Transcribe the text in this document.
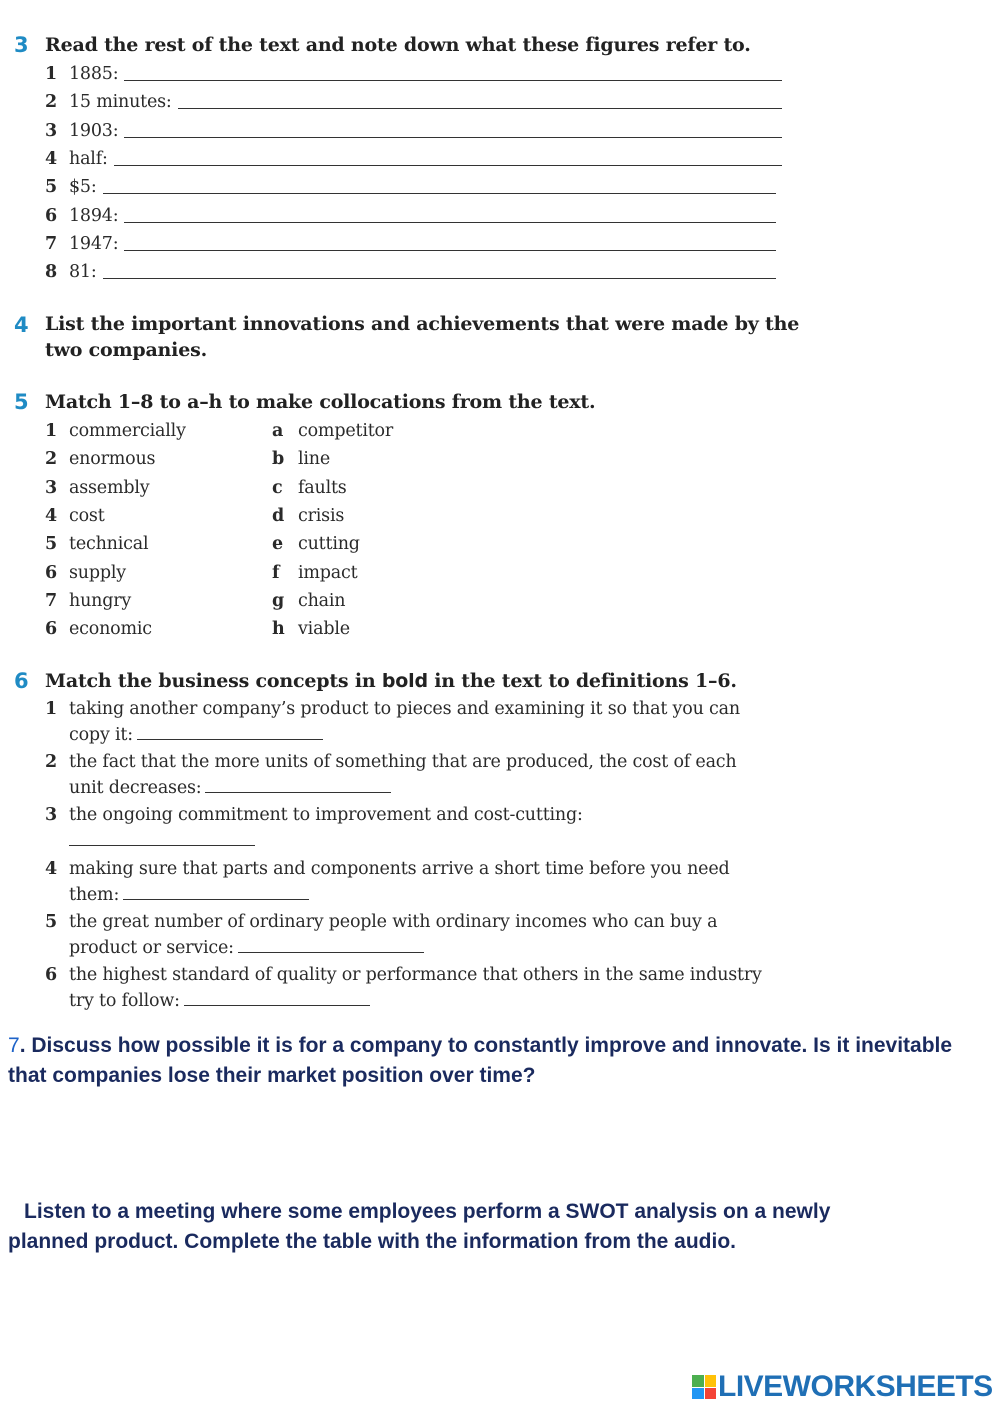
3 Read the rest of the text and note down what these figures refer to.
1 1885:
2 15 minutes:
3 1903:
4 half:
5 $5:
6 1894:
7 1947:
8 81:
4 List the important innovations and achievements that were made by the
two companies.
5 Match 1–8 to a–h to make collocations from the text.
1 commercially
2 enormous
3 assembly
4 cost
5 technical
6 supply
7 hungry
6 economic
a competitor
b line
c faults
d crisis
e cutting
f impact
g chain
h viable
6 Match the business concepts in bold in the text to definitions 1–6.
1 taking another company’s product to pieces and examining it so that you can
copy it:
2 the fact that the more units of something that are produced, the cost of each
unit decreases:
3 the ongoing commitment to improvement and cost-cutting:

4 making sure that parts and components arrive a short time before you need
them:
5 the great number of ordinary people with ordinary incomes who can buy a
product or service:
6 the highest standard of quality or performance that others in the same industry
try to follow:
7. Discuss how possible it is for a company to constantly improve and innovate. Is it inevitable
that companies lose their market position over time?
Listen to a meeting where some employees perform a SWOT analysis on a newly
planned product. Complete the table with the information from the audio.
LIVEWORKSHEETS
